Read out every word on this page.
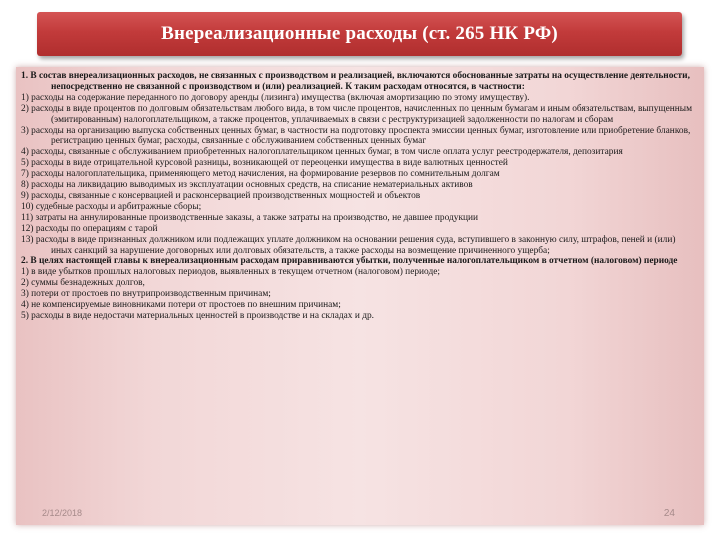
Внереализационные расходы (ст. 265 НК РФ)

1. В состав внереализационных расходов, не связанных с производством и реализацией, включаются обоснованные затраты на осуществление деятельности, непосредственно не связанной с производством и (или) реализацией. К таким расходам относятся, в частности:

1) расходы на содержание переданного по договору аренды (лизинга) имущества (включая амортизацию по этому имуществу).

2) расходы в виде процентов по долговым обязательствам любого вида, в том числе процентов, начисленных по ценным бумагам и иным обязательствам, выпущенным (эмитированным) налогоплательщиком, а также процентов, уплачиваемых в связи с реструктуризацией задолженности по налогам и сборам

3) расходы на организацию выпуска собственных ценных бумаг, в частности на подготовку проспекта эмиссии ценных бумаг, изготовление или приобретение бланков, регистрацию ценных бумаг, расходы, связанные с обслуживанием собственных ценных бумаг

4) расходы, связанные с обслуживанием приобретенных налогоплательщиком ценных бумаг, в том числе оплата услуг реестродержателя, депозитария

5) расходы в виде отрицательной курсовой разницы, возникающей от переоценки имущества в виде валютных ценностей

7) расходы налогоплательщика, применяющего метод начисления, на формирование резервов по сомнительным долгам

8) расходы на ликвидацию выводимых из эксплуатации основных средств, на списание нематериальных активов

9) расходы, связанные с консервацией и расконсервацией производственных мощностей и объектов

10) судебные расходы и арбитражные сборы;

11) затраты на аннулированные производственные заказы, а также затраты на производство, не давшее продукции

12) расходы по операциям с тарой

13) расходы в виде признанных должником или подлежащих уплате должником на основании решения суда, вступившего в законную силу, штрафов, пеней и (или) иных санкций за нарушение договорных или долговых обязательств, а также расходы на возмещение причиненного ущерба;

2. В целях настоящей главы к внереализационным расходам приравниваются убытки, полученные налогоплательщиком в отчетном (налоговом) периоде

1) в виде убытков прошлых налоговых периодов, выявленных в текущем отчетном (налоговом) периоде;

2) суммы безнадежных долгов,

3) потери от простоев по внутрипроизводственным причинам;

4) не компенсируемые виновниками потери от простоев по внешним причинам;

5) расходы в виде недостачи материальных ценностей в производстве и на складах и др.

2/12/2018	24
